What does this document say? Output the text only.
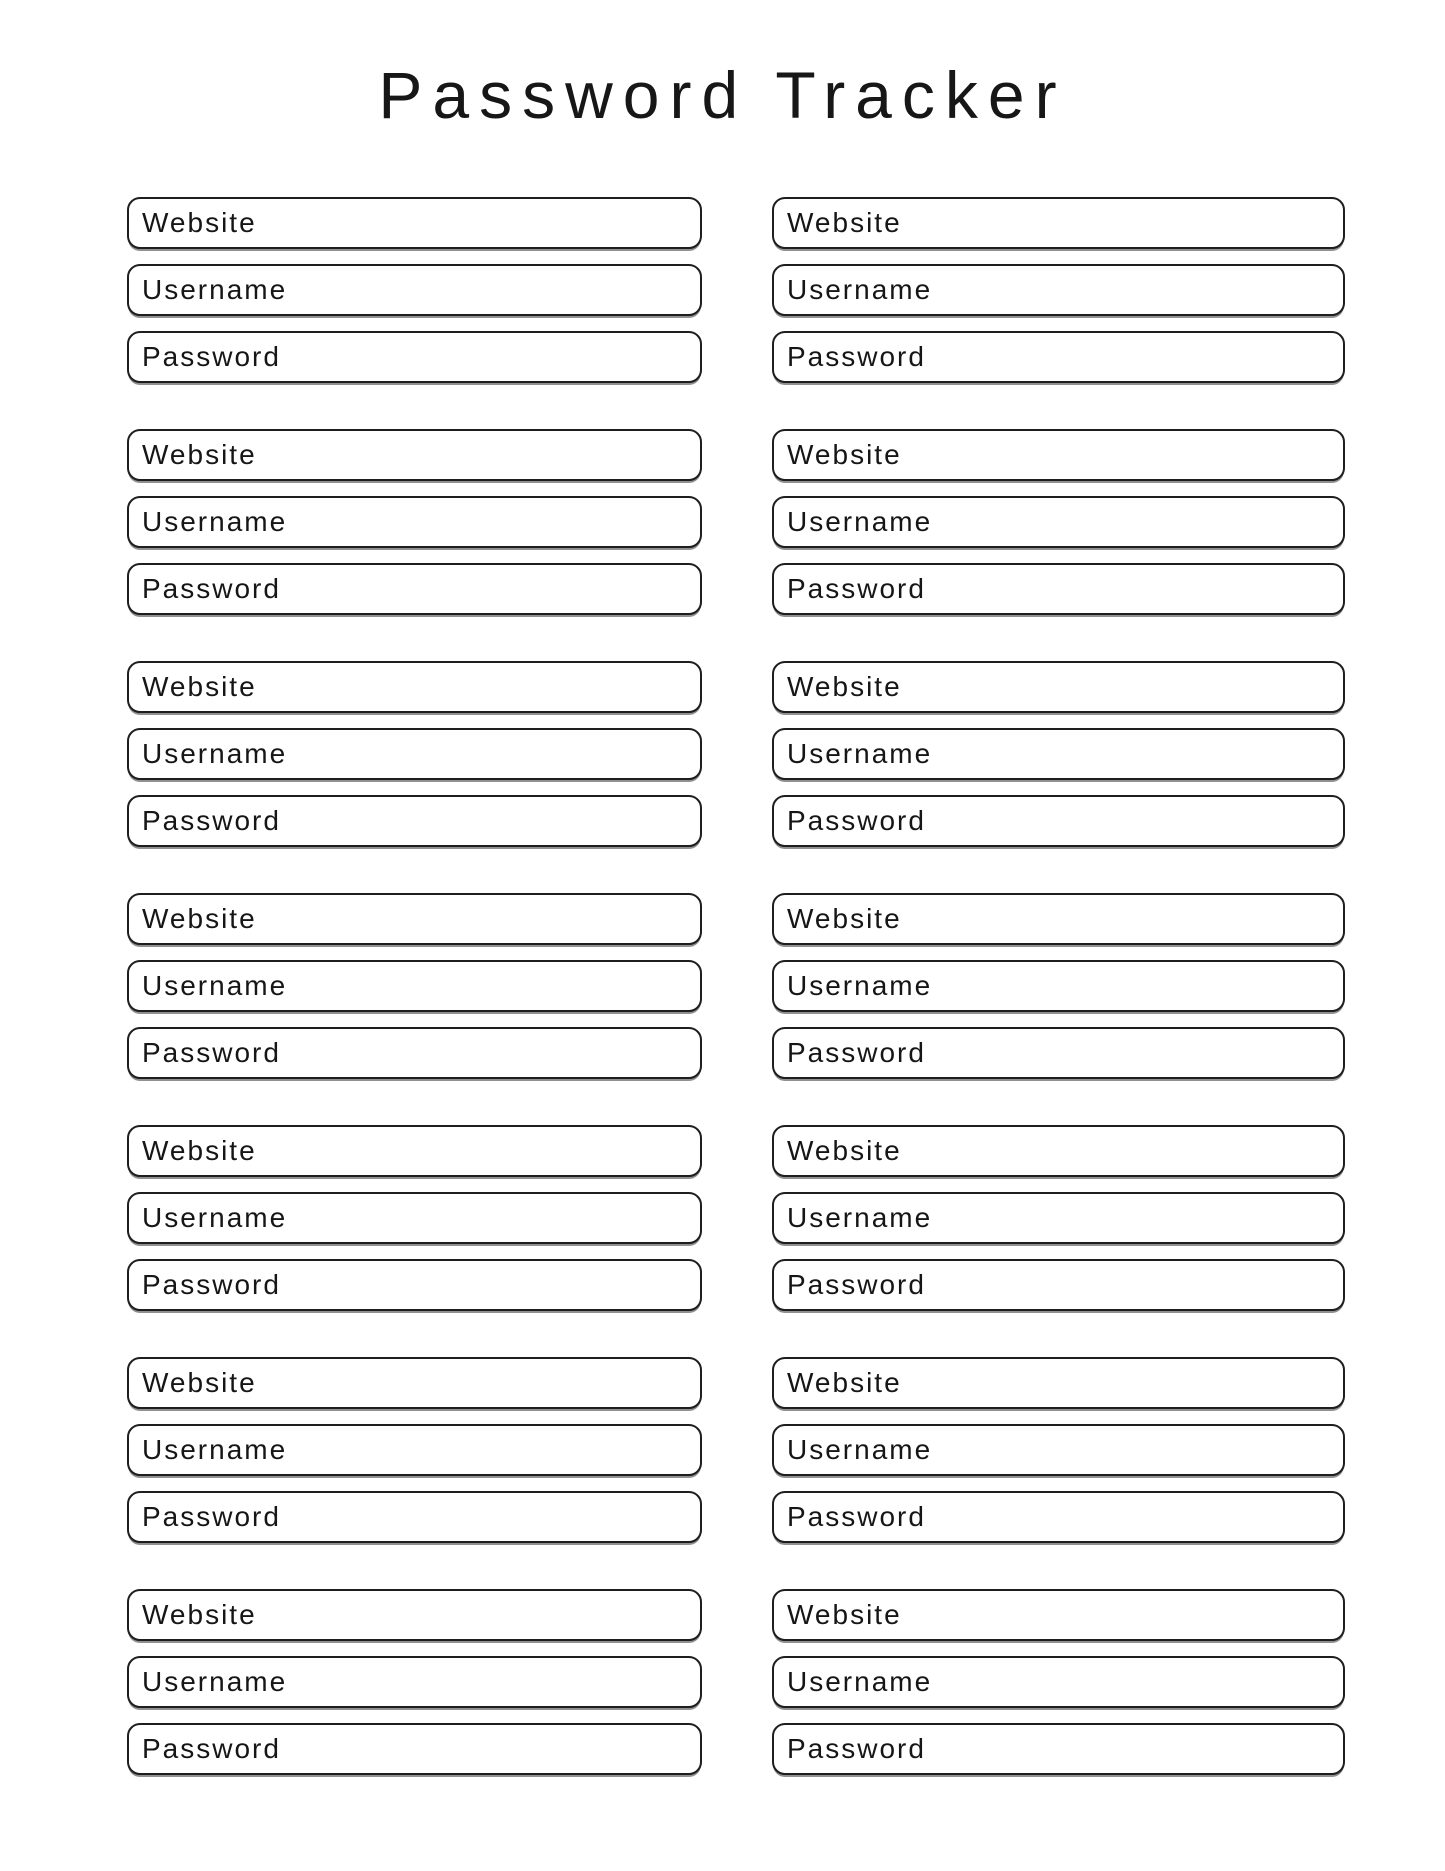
Password Tracker
Website
Username
Password
Website
Username
Password
Website
Username
Password
Website
Username
Password
Website
Username
Password
Website
Username
Password
Website
Username
Password
Website
Username
Password
Website
Username
Password
Website
Username
Password
Website
Username
Password
Website
Username
Password
Website
Username
Password
Website
Username
Password
